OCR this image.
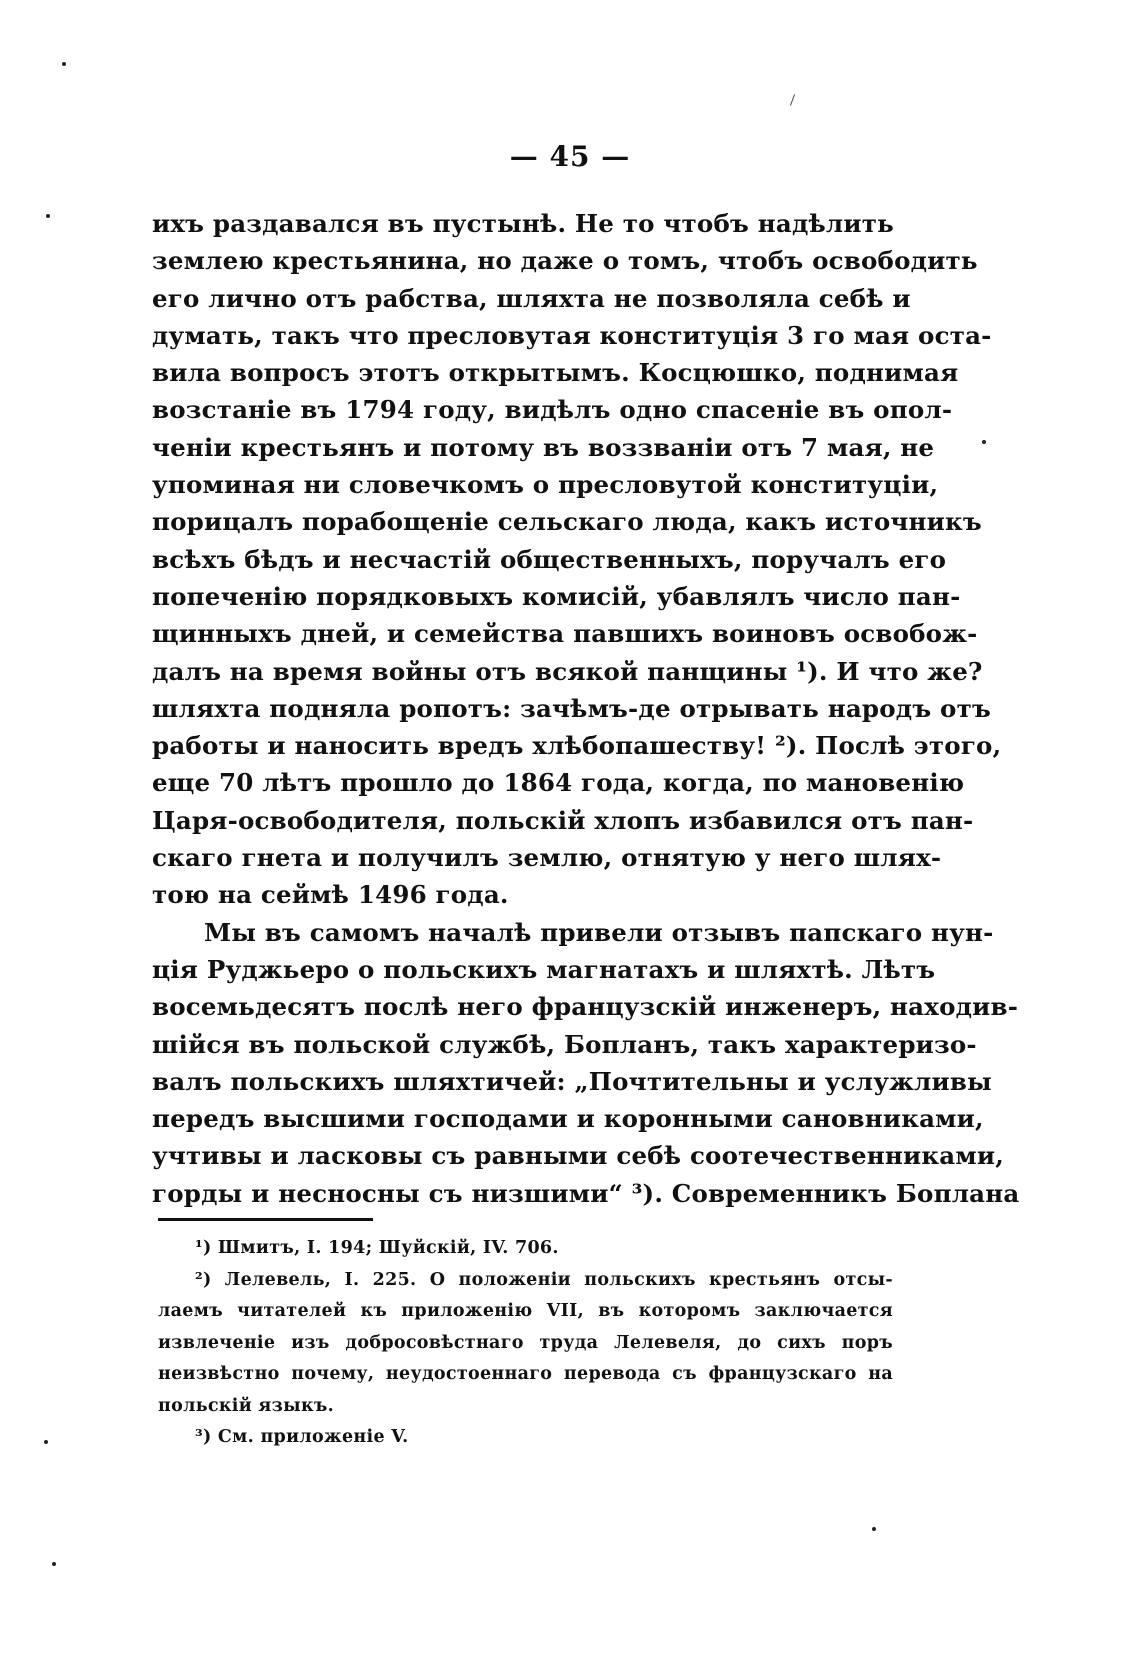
— 45 —
ихъ раздавался въ пустынѣ. Не то чтобъ надѣлить
землею крестьянина, но даже о томъ, чтобъ освободить
его лично отъ рабства, шляхта не позволяла себѣ и
думать, такъ что пресловутая конституція 3 го мая оста-
вила вопросъ этотъ открытымъ. Косцюшко, поднимая
возстаніе въ 1794 году, видѣлъ одно спасеніе въ опол-
ченіи крестьянъ и потому въ воззваніи отъ 7 мая, не
упоминая ни словечкомъ о пресловутой конституціи,
порицалъ порабощеніе сельскаго люда, какъ источникъ
всѣхъ бѣдъ и несчастій общественныхъ, поручалъ его
попеченію порядковыхъ комисій, убавлялъ число пан-
щинныхъ дней, и семейства павшихъ воиновъ освобож-
далъ на время войны отъ всякой панщины ¹). И что же?
шляхта подняла ропотъ: зачѣмъ-де отрывать народъ отъ
работы и наносить вредъ хлѣбопашеству! ²). Послѣ этого,
еще 70 лѣтъ прошло до 1864 года, когда, по мановенію
Царя-освободителя, польскій хлопъ избавился отъ пан-
скаго гнета и получилъ землю, отнятую у него шлях-
тою на сеймѣ 1496 года.
Мы въ самомъ началѣ привели отзывъ папскаго нун-
ція Руджьеро о польскихъ магнатахъ и шляхтѣ. Лѣтъ
восемьдесятъ послѣ него французскій инженеръ, находив-
шійся въ польской службѣ, Бопланъ, такъ характеризо-
валъ польскихъ шляхтичей: „Почтительны и услужливы
передъ высшими господами и коронными сановниками,
учтивы и ласковы съ равными себѣ соотечественниками,
горды и несносны съ низшими“ ³). Современникъ Боплана
¹) Шмитъ, I. 194; Шуйскій, IV. 706.
²) Лелевель, I. 225. О положеніи польскихъ крестьянъ отсы-
лаемъ читателей къ приложенію VII, въ которомъ заключается
извлеченіе изъ добросовѣстнаго труда Лелевеля, до сихъ поръ
неизвѣстно почему, неудостоеннаго перевода съ французскаго на
польскій языкъ.
³) См. приложеніе V.
